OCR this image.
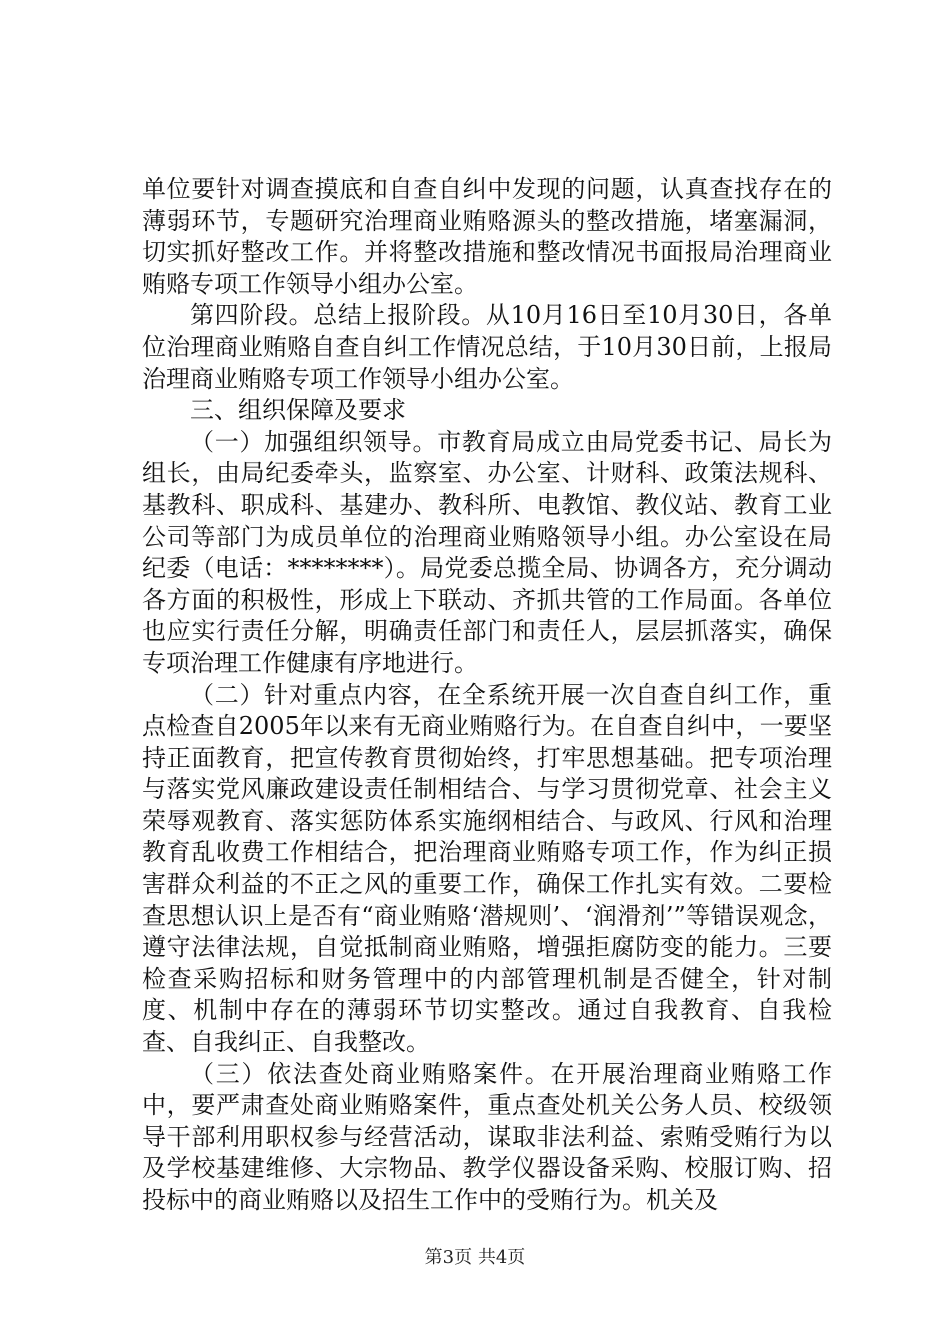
单位要针对调查摸底和自查自纠中发现的问题，认真查找存在的薄弱环节，专题研究治理商业贿赂源头的整改措施，堵塞漏洞，切实抓好整改工作。并将整改措施和整改情况书面报局治理商业贿赂专项工作领导小组办公室。

第四阶段。总结上报阶段。从10月16日至10月30日，各单位治理商业贿赂自查自纠工作情况总结，于10月30日前，上报局治理商业贿赂专项工作领导小组办公室。

三、组织保障及要求

（一）加强组织领导。市教育局成立由局党委书记、局长为组长，由局纪委牵头，监察室、办公室、计财科、政策法规科、基教科、职成科、基建办、教科所、电教馆、教仪站、教育工业公司等部门为成员单位的治理商业贿赂领导小组。办公室设在局纪委（电话：********）。局党委总揽全局、协调各方，充分调动各方面的积极性，形成上下联动、齐抓共管的工作局面。各单位也应实行责任分解，明确责任部门和责任人，层层抓落实，确保专项治理工作健康有序地进行。

（二）针对重点内容，在全系统开展一次自查自纠工作，重点检查自2005年以来有无商业贿赂行为。在自查自纠中，一要坚持正面教育，把宣传教育贯彻始终，打牢思想基础。把专项治理与落实党风廉政建设责任制相结合、与学习贯彻党章、社会主义荣辱观教育、落实惩防体系实施纲相结合、与政风、行风和治理教育乱收费工作相结合，把治理商业贿赂专项工作，作为纠正损害群众利益的不正之风的重要工作，确保工作扎实有效。二要检查思想认识上是否有“商业贿赂‘潜规则’、‘润滑剂’”等错误观念，遵守法律法规，自觉抵制商业贿赂，增强拒腐防变的能力。三要检查采购招标和财务管理中的内部管理机制是否健全，针对制度、机制中存在的薄弱环节切实整改。通过自我教育、自我检查、自我纠正、自我整改。

（三）依法查处商业贿赂案件。在开展治理商业贿赂工作中，要严肃查处商业贿赂案件，重点查处机关公务人员、校级领导干部利用职权参与经营活动，谋取非法利益、索贿受贿行为以及学校基建维修、大宗物品、教学仪器设备采购、校服订购、招投标中的商业贿赂以及招生工作中的受贿行为。机关及

第3页 共4页
